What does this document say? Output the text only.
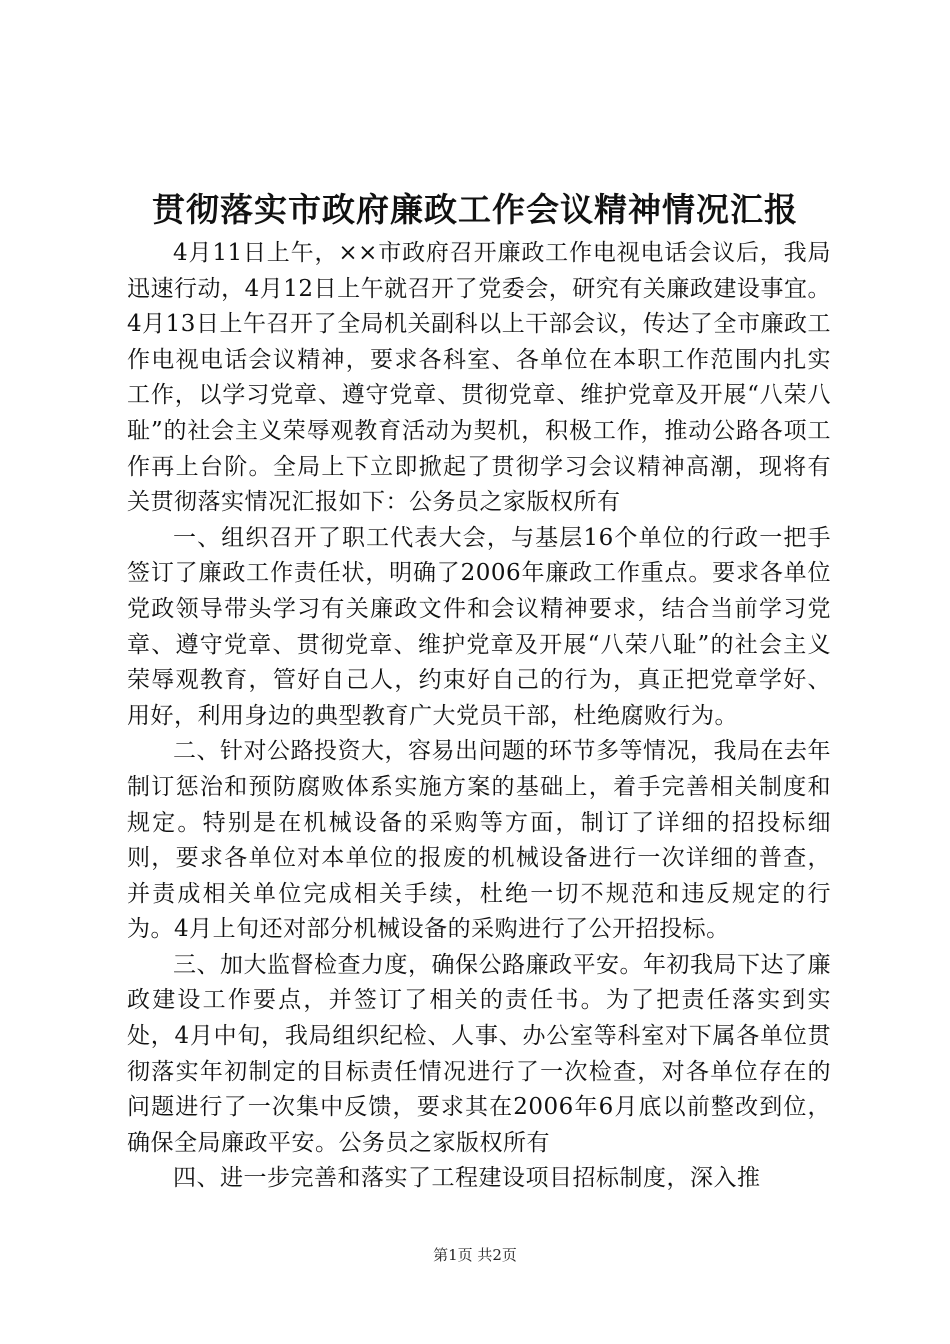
贯彻落实市政府廉政工作会议精神情况汇报

4月11日上午，××市政府召开廉政工作电视电话会议后，我局迅速行动，4月12日上午就召开了党委会，研究有关廉政建设事宜。4月13日上午召开了全局机关副科以上干部会议，传达了全市廉政工作电视电话会议精神，要求各科室、各单位在本职工作范围内扎实工作，以学习党章、遵守党章、贯彻党章、维护党章及开展“八荣八耻”的社会主义荣辱观教育活动为契机，积极工作，推动公路各项工作再上台阶。全局上下立即掀起了贯彻学习会议精神高潮，现将有关贯彻落实情况汇报如下：公务员之家版权所有

一、组织召开了职工代表大会，与基层16个单位的行政一把手签订了廉政工作责任状，明确了2006年廉政工作重点。要求各单位党政领导带头学习有关廉政文件和会议精神要求，结合当前学习党章、遵守党章、贯彻党章、维护党章及开展“八荣八耻”的社会主义荣辱观教育，管好自己人，约束好自己的行为，真正把党章学好、用好，利用身边的典型教育广大党员干部，杜绝腐败行为。

二、针对公路投资大，容易出问题的环节多等情况，我局在去年制订惩治和预防腐败体系实施方案的基础上，着手完善相关制度和规定。特别是在机械设备的采购等方面，制订了详细的招投标细则，要求各单位对本单位的报废的机械设备进行一次详细的普查，并责成相关单位完成相关手续，杜绝一切不规范和违反规定的行为。4月上旬还对部分机械设备的采购进行了公开招投标。

三、加大监督检查力度，确保公路廉政平安。年初我局下达了廉政建设工作要点，并签订了相关的责任书。为了把责任落实到实处，4月中旬，我局组织纪检、人事、办公室等科室对下属各单位贯彻落实年初制定的目标责任情况进行了一次检查，对各单位存在的问题进行了一次集中反馈，要求其在2006年6月底以前整改到位，确保全局廉政平安。公务员之家版权所有

四、进一步完善和落实了工程建设项目招标制度，深入推

第1页 共2页
